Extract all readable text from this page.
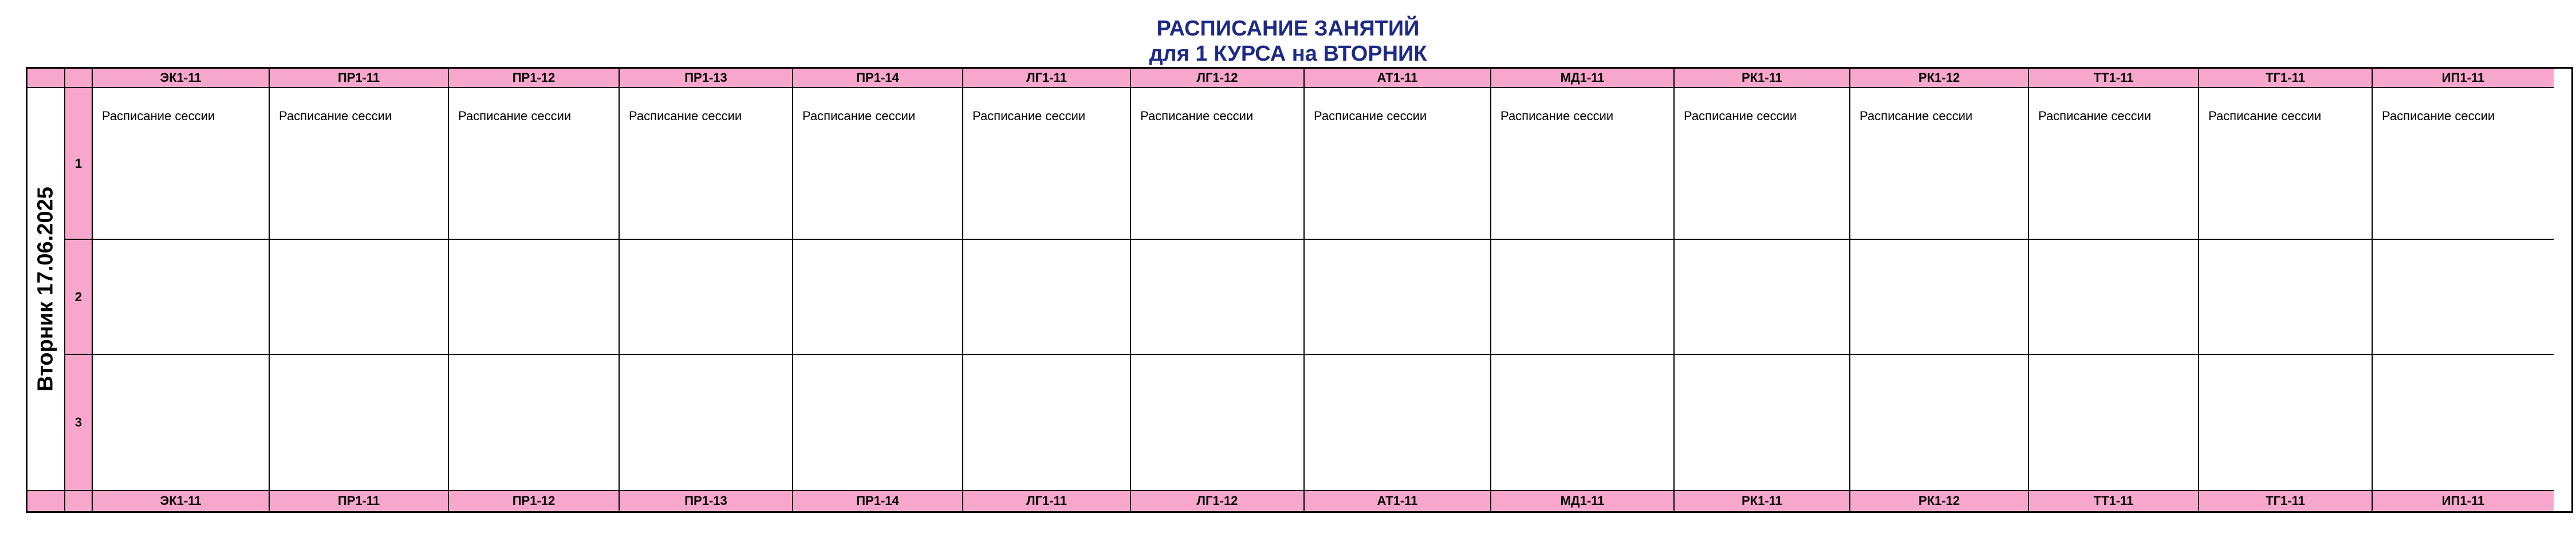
РАСПИСАНИЕ ЗАНЯТИЙ
для 1 КУРСА на ВТОРНИК
Вторник 17.06.2025
ЭК1-11	ПР1-11	ПР1-12	ПР1-13	ПР1-14	ЛГ1-11	ЛГ1-12	АТ1-11	МД1-11	РК1-11	РК1-12	ТТ1-11	ТГ1-11	ИП1-11
ЭК1-11	ПР1-11	ПР1-12	ПР1-13	ПР1-14	ЛГ1-11	ЛГ1-12	АТ1-11	МД1-11	РК1-11	РК1-12	ТТ1-11	ТГ1-11	ИП1-11
1
Расписание сессии	Расписание сессии	Расписание сессии	Расписание сессии	Расписание сессии	Расписание сессии	Расписание сессии	Расписание сессии	Расписание сессии	Расписание сессии	Расписание сессии	Расписание сессии	Расписание сессии	Расписание сессии
2
3
